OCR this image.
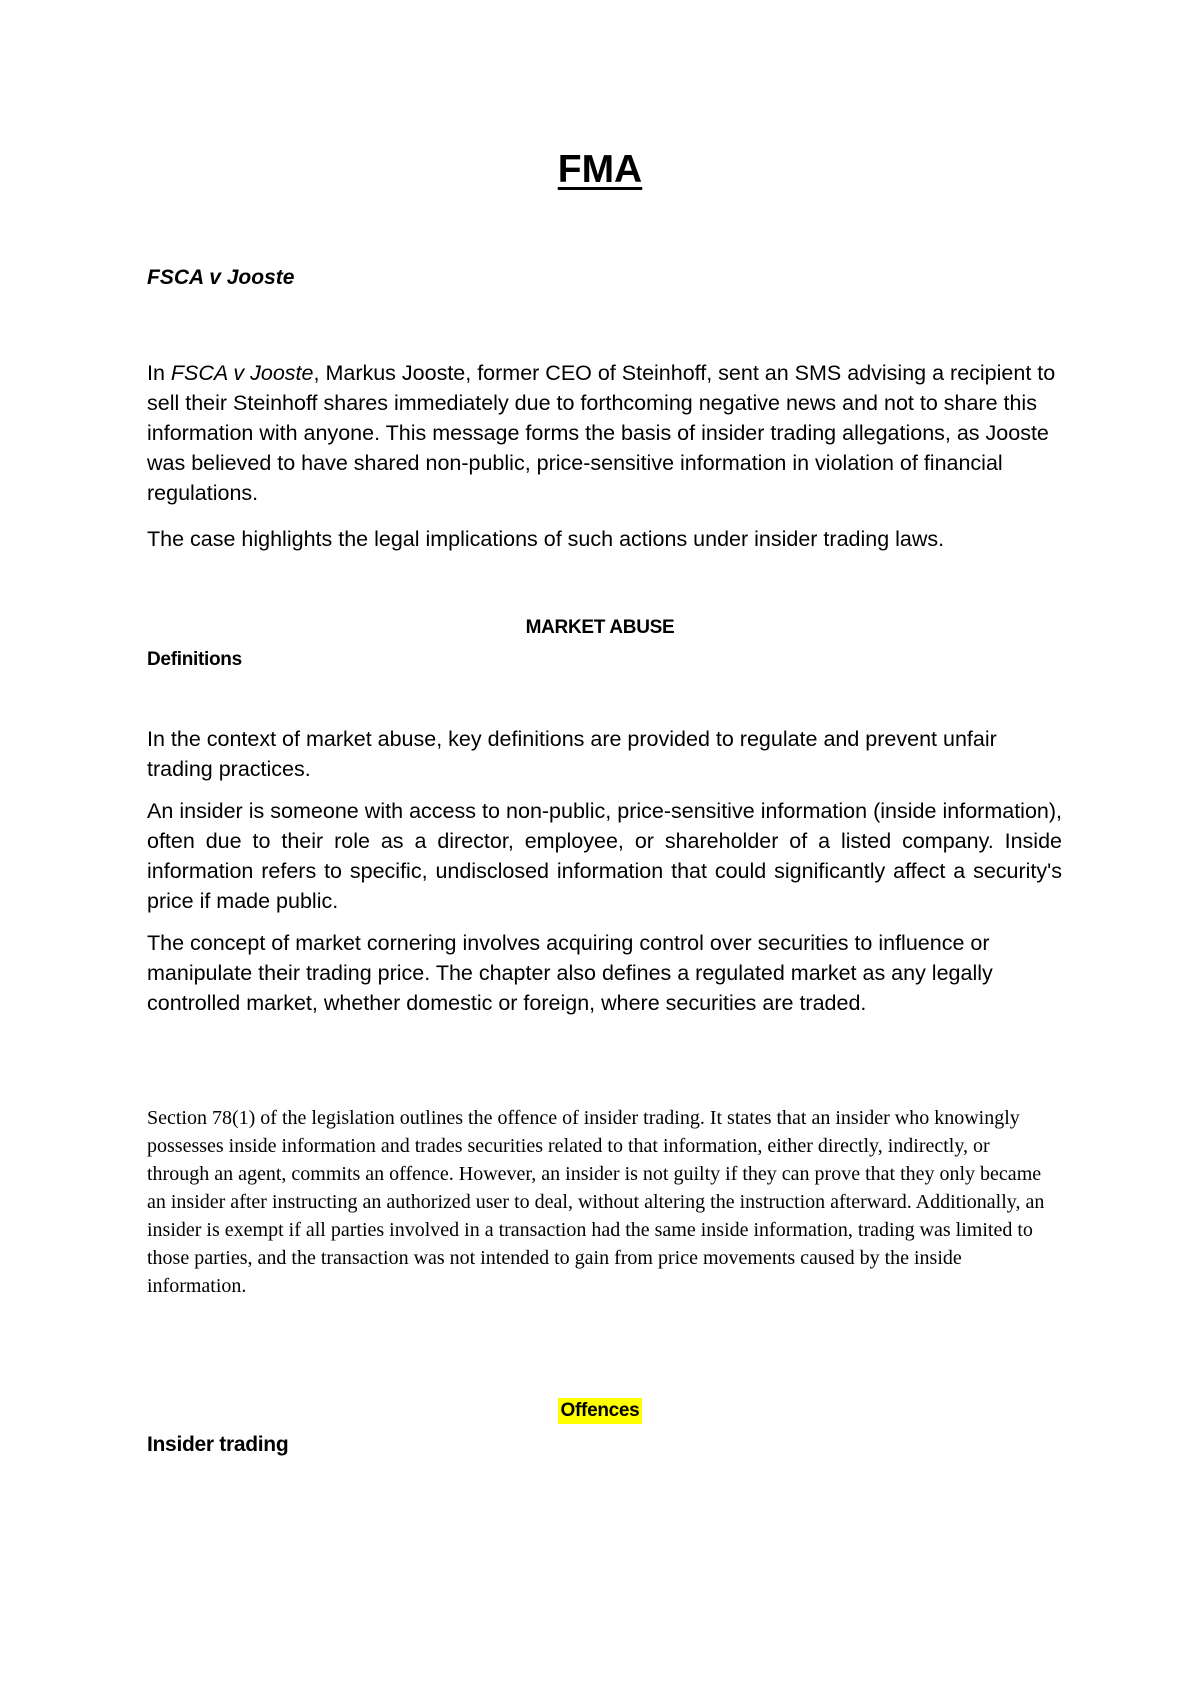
FMA
FSCA v Jooste

In FSCA v Jooste, Markus Jooste, former CEO of Steinhoff, sent an SMS advising a recipient to sell their Steinhoff shares immediately due to forthcoming negative news and not to share this information with anyone. This message forms the basis of insider trading allegations, as Jooste was believed to have shared non-public, price-sensitive information in violation of financial regulations.

The case highlights the legal implications of such actions under insider trading laws.

MARKET ABUSE
Definitions

In the context of market abuse, key definitions are provided to regulate and prevent unfair trading practices.

An insider is someone with access to non-public, price-sensitive information (inside information), often due to their role as a director, employee, or shareholder of a listed company. Inside information refers to specific, undisclosed information that could significantly affect a security's price if made public.

The concept of market cornering involves acquiring control over securities to influence or manipulate their trading price. The chapter also defines a regulated market as any legally controlled market, whether domestic or foreign, where securities are traded.

Section 78(1) of the legislation outlines the offence of insider trading. It states that an insider who knowingly possesses inside information and trades securities related to that information, either directly, indirectly, or through an agent, commits an offence. However, an insider is not guilty if they can prove that they only became an insider after instructing an authorized user to deal, without altering the instruction afterward. Additionally, an insider is exempt if all parties involved in a transaction had the same inside information, trading was limited to those parties, and the transaction was not intended to gain from price movements caused by the inside information.

Offences
Insider trading
